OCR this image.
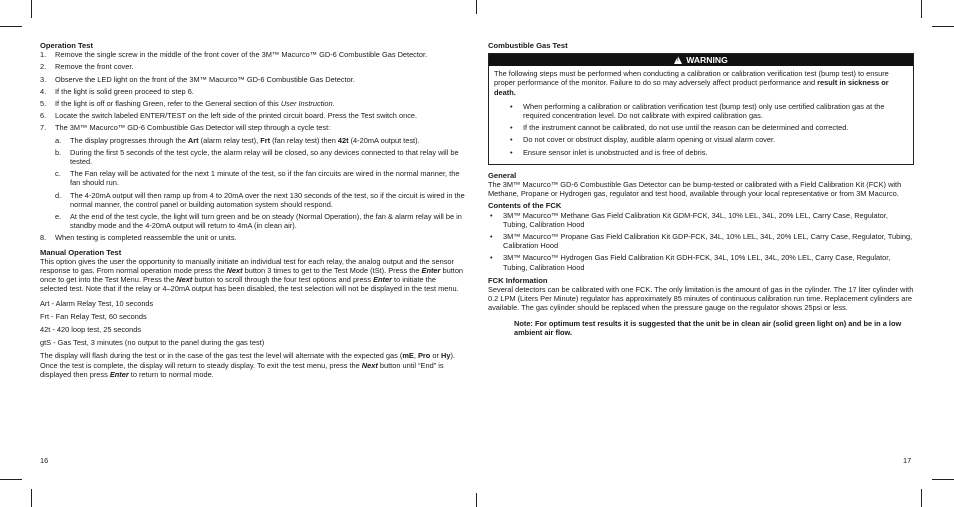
Operation Test
1. Remove the single screw in the middle of the front cover of the 3M™ Macurco™ GD-6 Combustible Gas Detector.
2. Remove the front cover.
3. Observe the LED light on the front of the 3M™ Macurco™ GD-6 Combustible Gas Detector.
4. If the light is solid green proceed to step 6.
5. If the light is off or flashing Green, refer to the General section of this User Instruction.
6. Locate the switch labeled ENTER/TEST on the left side of the printed circuit board. Press the Test switch once.
7. The 3M™ Macurco™ GD-6 Combustible Gas Detector will step through a cycle test:
a. The display progresses through the Art (alarm relay test), Frt (fan relay test) then 42t (4-20mA output test).
b. During the first 5 seconds of the test cycle, the alarm relay will be closed, so any devices connected to that relay will be tested.
c. The Fan relay will be activated for the next 1 minute of the test, so if the fan circuits are wired in the normal manner, the fan should run.
d. The 4-20mA output will then ramp up from 4 to 20mA over the next 130 seconds of the test, so if the circuit is wired in the normal manner, the control panel or building automation system should respond.
e. At the end of the test cycle, the light will turn green and be on steady (Normal Operation), the fan & alarm relay will be in standby mode and the 4-20mA output will return to 4mA (in clean air).
8. When testing is completed reassemble the unit or units.
Manual Operation Test

This option gives the user the opportunity to manually initiate an individual test for each relay, the analog output and the sensor response to gas. From normal operation mode press the Next button 3 times to get to the Test Mode (tSt). Press the Enter button once to get into the Test Menu. Press the Next button to scroll through the four test options and press Enter to initiate the selected test. Note that if the relay or 4–20mA output has been disabled, the test selection will not be displayed in the test menu.

Art - Alarm Relay Test, 10 seconds

Frt - Fan Relay Test, 60 seconds

42t - 420 loop test, 25 seconds

gtS - Gas Test, 3 minutes (no output to the panel during the gas test)

The display will flash during the test or in the case of the gas test the level will alternate with the expected gas (mE, Pro or Hy). Once the test is complete, the display will return to steady display. To exit the test menu, press the Next button until “End” is displayed then press Enter to return to normal mode.

16
Combustible Gas Test
!WARNING

The following steps must be performed when conducting a calibration or calibration verification test (bump test) to ensure proper performance of the monitor. Failure to do so may adversely affect product performance and result in sickness or death.

• When performing a calibration or calibration verification test (bump test) only use certified calibration gas at the required concentration level. Do not calibrate with expired calibration gas.
• If the instrument cannot be calibrated, do not use until the reason can be determined and corrected.
• Do not cover or obstruct display, audible alarm opening or visual alarm cover.
• Ensure sensor inlet is unobstructed and is free of debris.
General

The 3M™ Macurco™ GD-6 Combustible Gas Detector can be bump-tested or calibrated with a Field Calibration Kit (FCK) with Methane, Propane or Hydrogen gas, regulator and test hood, available through your local representative or from 3M Macurco.

Contents of the FCK
• 3M™ Macurco™ Methane Gas Field Calibration Kit GDM-FCK, 34L, 10% LEL, 34L, 20% LEL, Carry Case, Regulator, Tubing, Calibration Hood
• 3M™ Macurco™ Propane Gas Field Calibration Kit GDP-FCK, 34L, 10% LEL, 34L, 20% LEL, Carry Case, Regulator, Tubing, Calibration Hood
• 3M™ Macurco™ Hydrogen Gas Field Calibration Kit GDH-FCK, 34L, 10% LEL, 34L, 20% LEL, Carry Case, Regulator, Tubing, Calibration Hood
FCK Information

Several detectors can be calibrated with one FCK. The only limitation is the amount of gas in the cylinder. The 17 liter cylinder with 0.2 LPM (Liters Per Minute) regulator has approximately 85 minutes of continuous calibration run time. Replacement cylinders are available. The gas cylinder should be replaced when the pressure gauge on the regulator shows 25psi or less.

Note: For optimum test results it is suggested that the unit be in clean air (solid green light on) and be in a low ambient air flow.

17
